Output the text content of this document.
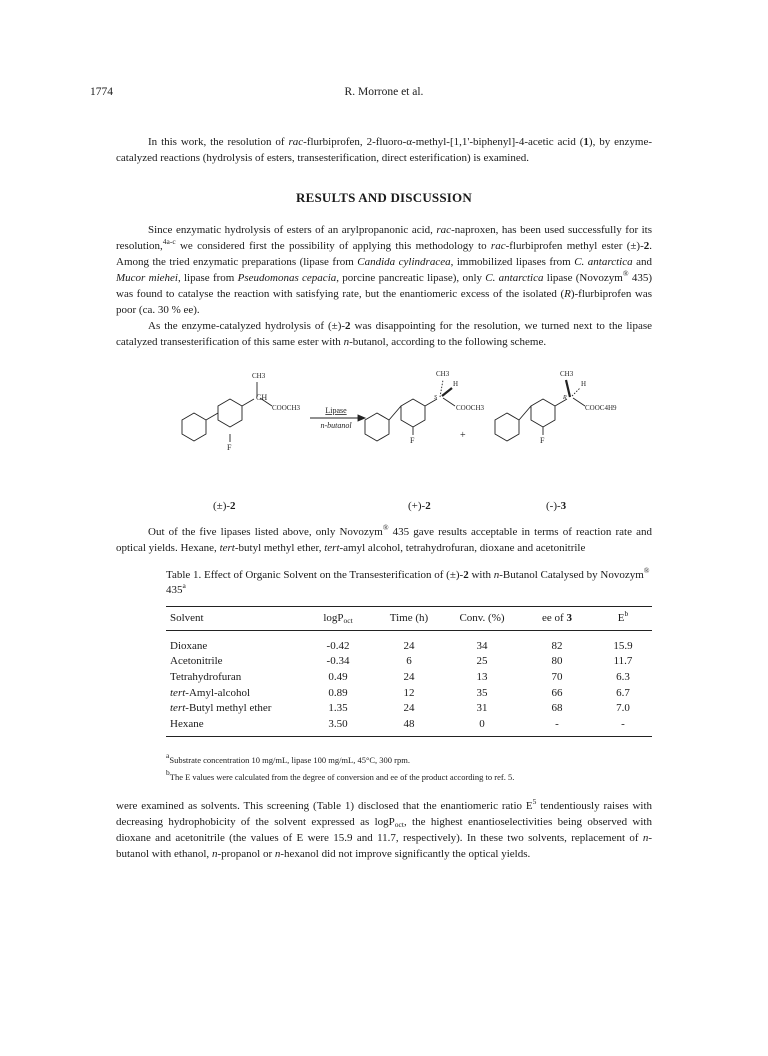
1774	R. Morrone et al.

In this work, the resolution of rac-flurbiprofen, 2-fluoro-α-methyl-[1,1'-biphenyl]-4-acetic acid (1), by enzyme-catalyzed reactions (hydrolysis of esters, transesterification, direct esterification) is examined.

RESULTS AND DISCUSSION

Since enzymatic hydrolysis of esters of an arylpropanonic acid, rac-naproxen, has been used successfully for its resolution,$^{4a-c}$ we considered first the possibility of applying this methodology to rac-flurbiprofen methyl ester (±)-2. Among the tried enzymatic preparations (lipase from Candida cylindracea, immobilized lipases from C. antarctica and Mucor miehei, lipase from Pseudomonas cepacia, porcine pancreatic lipase), only C. antarctica lipase (Novozym® 435) was found to catalyse the reaction with satisfying rate, but the enantiomeric excess of the isolated (R)-flurbiprofen was poor (ca. 30 % ee).

As the enzyme-catalyzed hydrolysis of (±)-2 was disappointing for the resolution, we turned next to the lipase catalyzed transesterification of this same ester with n-butanol, according to the following scheme.

CH3
CH
COOCH3
F
Lipase
n-butanol
CH3
H
S
COOCH3
F	+
CH3
H
R
COOC4H9
F
(±)-2	(+)-2	(-)-3

Out of the five lipases listed above, only Novozym® 435 gave results acceptable in terms of reaction rate and optical yields. Hexane, tert-butyl methyl ether, tert-amyl alcohol, tetrahydrofuran, dioxane and acetonitrile

Table 1. Effect of Organic Solvent on the Transesterification of (±)-2 with n-Butanol Catalysed by Novozym® 435$^a$

Solvent	logP$_{oct}$	Time (h)	Conv. (%)	ee of 3	$E^b$
Dioxane	-0.42	24	34	82	15.9
Acetonitrile	-0.34	6	25	80	11.7
Tetrahydrofuran	0.49	24	13	70	6.3
tert-Amyl-alcohol	0.89	12	35	66	6.7
tert-Butyl methyl ether	1.35	24	31	68	7.0
Hexane	3.50	48	0	-	-
$^a$Substrate concentration 10 mg/mL, lipase 100 mg/mL, 45°C, 300 rpm.
$^b$The E values were calculated from the degree of conversion and ee of the product according to ref. 5.

were examined as solvents. This screening (Table 1) disclosed that the enantiomeric ratio $E^5$ tendentiously raises with decreasing hydrophobicity of the solvent expressed as logP$_{oct}$, the highest enantioselectivities being observed with dioxane and acetonitrile (the values of E were 15.9 and 11.7, respectively). In these two solvents, replacement of n-butanol with ethanol, n-propanol or n-hexanol did not improve significantly the optical yields.
